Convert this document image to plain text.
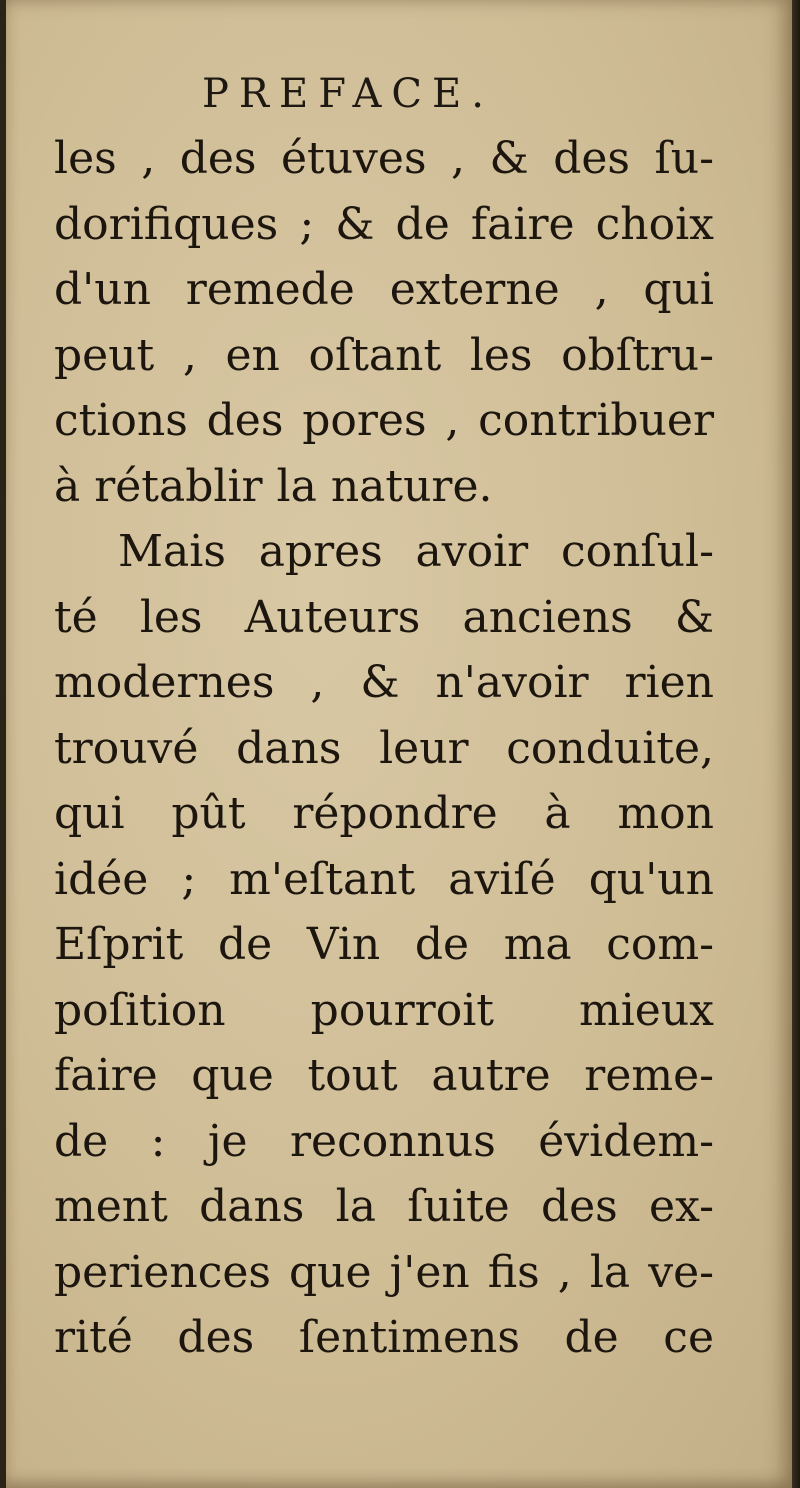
PREFACE.
les , des étuves , & des ſu-
dorifiques ; & de faire choix
d'un remede externe , qui
peut , en oſtant les obſtru-
ctions des pores , contribuer
à rétablir la nature.
Mais apres avoir conſul-
té les Auteurs anciens &
modernes , & n'avoir rien
trouvé dans leur conduite,
qui pût répondre à mon
idée ; m'eſtant aviſé qu'un
Eſprit de Vin de ma com-
poſition pourroit mieux
faire que tout autre reme-
de : je reconnus évidem-
ment dans la ſuite des ex-
periences que j'en fis , la ve-
rité des ſentimens de ce
